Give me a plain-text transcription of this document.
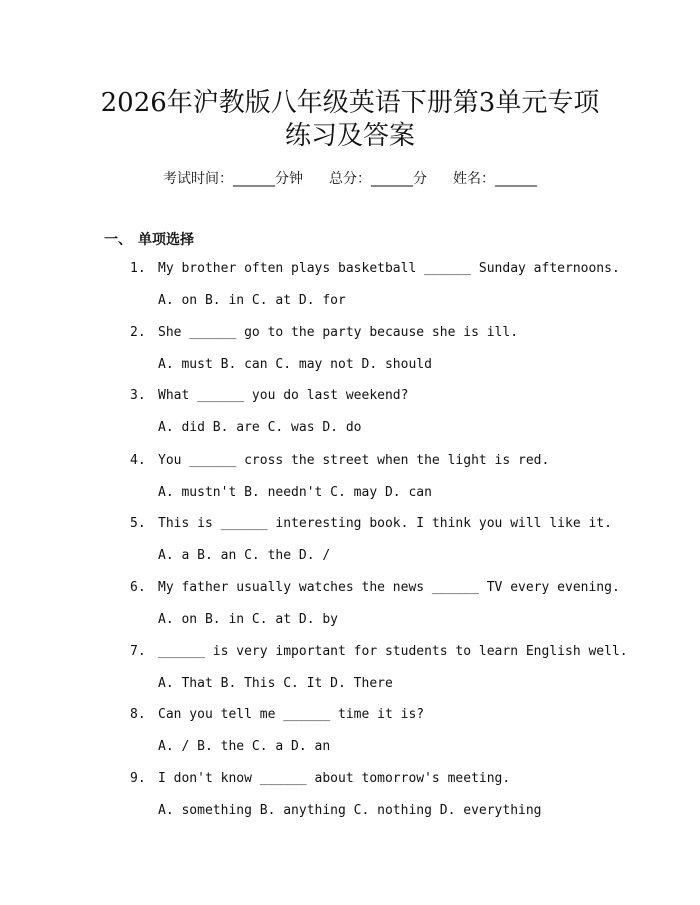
2026年沪教版八年级英语下册第3单元专项
练习及答案
考试时间：______分钟 总分：______分 姓名：______
一、 单项选择
1. My brother often plays basketball ______ Sunday afternoons.
A. on B. in C. at D. for
2. She ______ go to the party because she is ill.
A. must B. can C. may not D. should
3. What ______ you do last weekend?
A. did B. are C. was D. do
4. You ______ cross the street when the light is red.
A. mustn't B. needn't C. may D. can
5. This is ______ interesting book. I think you will like it.
A. a B. an C. the D. /
6. My father usually watches the news ______ TV every evening.
A. on B. in C. at D. by
7. ______ is very important for students to learn English well.
A. That B. This C. It D. There
8. Can you tell me ______ time it is?
A. / B. the C. a D. an
9. I don't know ______ about tomorrow's meeting.
A. something B. anything C. nothing D. everything
